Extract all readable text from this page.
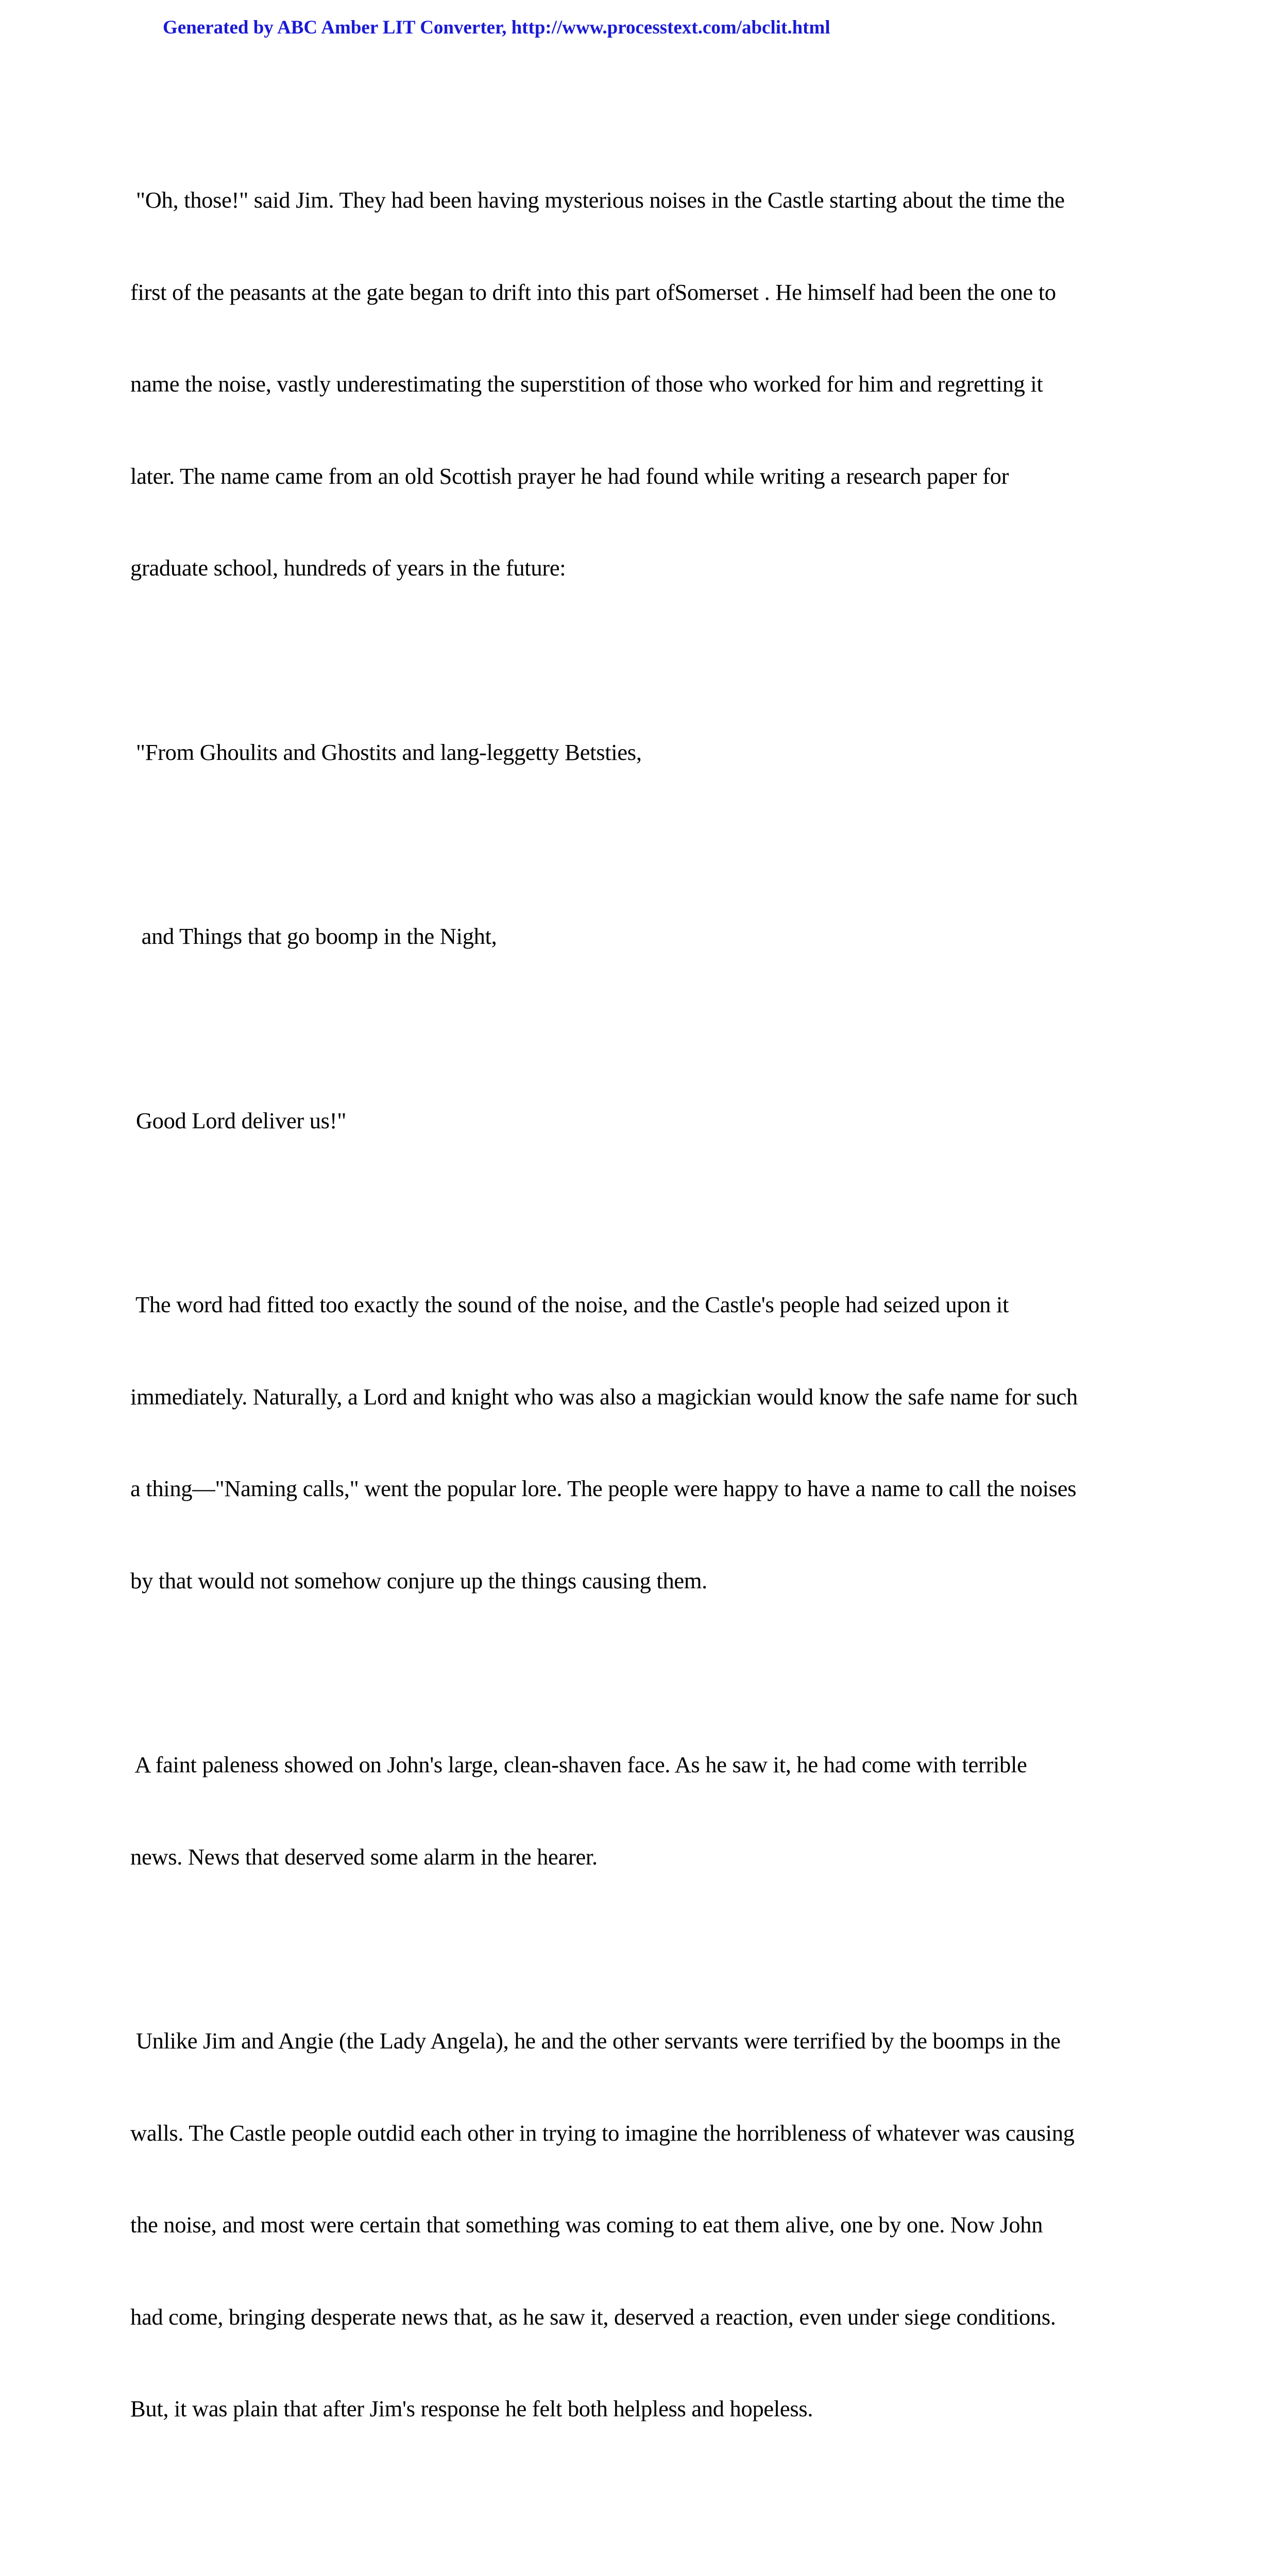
Generated by ABC Amber LIT Converter, http://www.processtext.com/abclit.html

"Oh, those!" said Jim. They had been having mysterious noises in the Castle starting about the time the

first of the peasants at the gate began to drift into this part ofSomerset . He himself had been the one to

name the noise, vastly underestimating the superstition of those who worked for him and regretting it

later. The name came from an old Scottish prayer he had found while writing a research paper for

graduate school, hundreds of years in the future:

"From Ghoulits and Ghostits and lang-leggetty Betsties,

and Things that go boomp in the Night,

Good Lord deliver us!"

The word had fitted too exactly the sound of the noise, and the Castle's people had seized upon it

immediately. Naturally, a Lord and knight who was also a magickian would know the safe name for such

a thing—"Naming calls," went the popular lore. The people were happy to have a name to call the noises

by that would not somehow conjure up the things causing them.

A faint paleness showed on John's large, clean-shaven face. As he saw it, he had come with terrible

news. News that deserved some alarm in the hearer.

Unlike Jim and Angie (the Lady Angela), he and the other servants were terrified by the boomps in the

walls. The Castle people outdid each other in trying to imagine the horribleness of whatever was causing

the noise, and most were certain that something was coming to eat them alive, one by one. Now John

had come, bringing desperate news that, as he saw it, deserved a reaction, even under siege conditions.

But, it was plain that after Jim's response he felt both helpless and hopeless.
